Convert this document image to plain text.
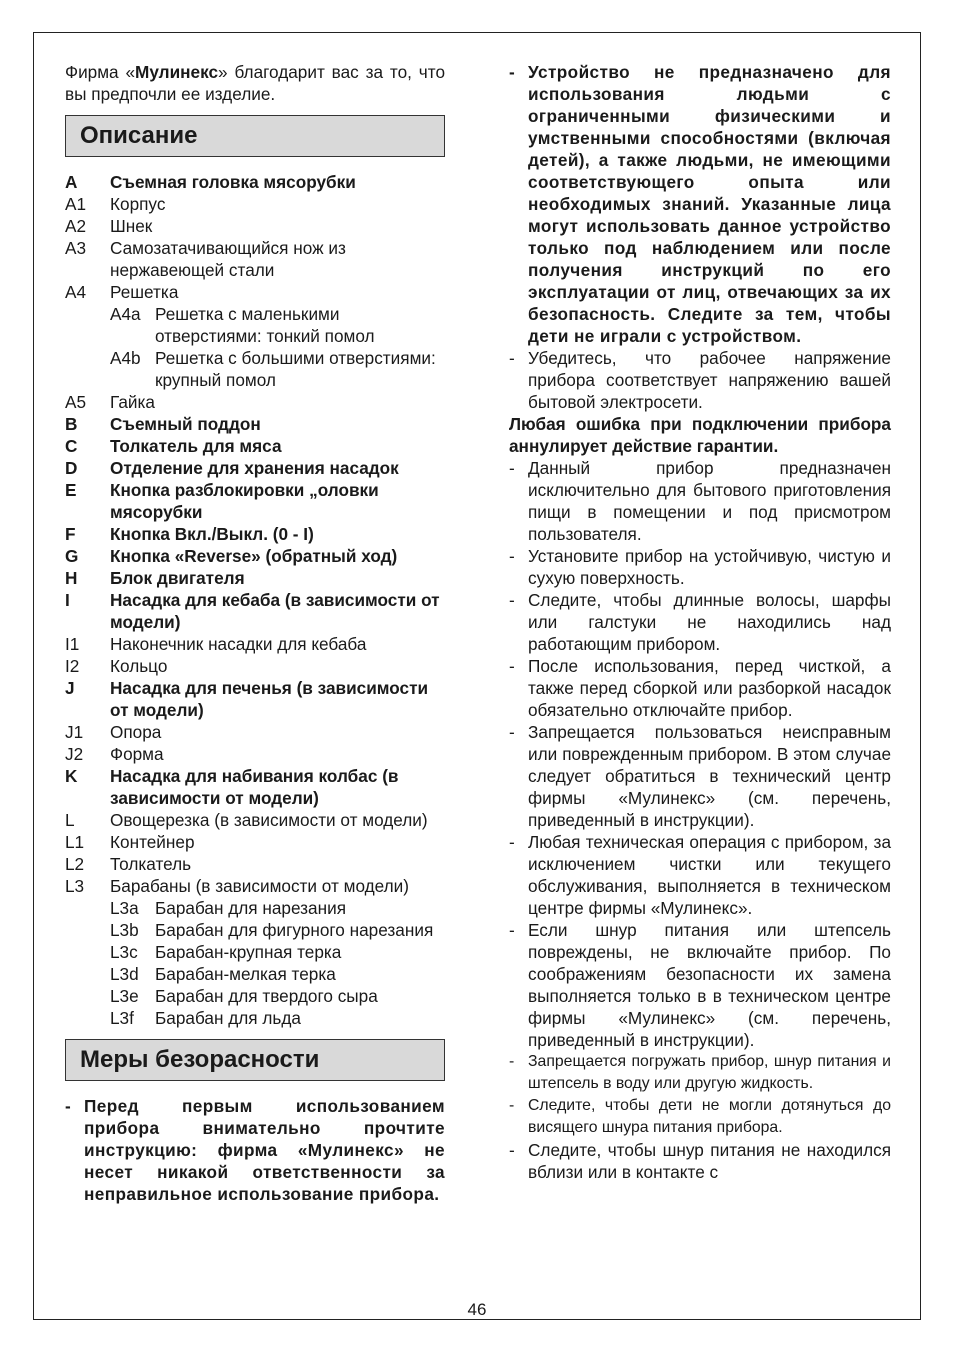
Фирма «Мулинекс» благодарит вас за то, что вы предпочли ее изделие.
Описание
A	Съемная головка мясорубки
A1	Корпус
A2	Шнек
A3	Самозатачивающийся нож из нержавеющей стали
A4	Решетка
A4a Решетка с маленькими отверстиями: тонкий помол
A4b Решетка с большими отверстиями: крупный помол
A5	Гайка
B	Съемный поддон
C	Толкатель для мяса
D	Отделение для хранения насадок
E	Кнопка разблокировки „оловки мясорубки
F	Кнопка Вкл./Выкл. (0 - I)
G	Кнопка «Reverse» (обратный ход)
H	Блок двигателя
I	Насадка для кебаба (в зависимости от модели)
I1	Наконечник насадки для кебаба
I2	Кольцо
J	Насадка для печенья (в зависимости от модели)
J1	Опора
J2	Форма
K	Насадка для набивания колбас (в зависимости от модели)
L	Овощерезка (в зависимости от модели)
L1	Контейнер
L2	Толкатель
L3	Барабаны (в зависимости от модели)
L3a Барабан для нарезания
L3b Барабан для фигурного нарезания
L3c	Барабан-крупная терка
L3d Барабан-мелкая терка
L3e Барабан для твердого сыра
L3f	Барабан для льда
Меры безорасности
- Перед первым использованием прибора внимательно прочтите инструкцию: фирма «Мулинекс» не несет никакой ответственности за неправильное использование прибора.
- Устройство не предназначено для использования людьми с ограниченными физическими и умственными способностями (включая детей), а также людьми, не имеющими соответствующего опыта или необходимых знаний. Указанные лица могут использовать данное устройство только под наблюдением или после получения инструкций по его эксплуатации от лиц, отвечающих за их безопасность. Следите за тем, чтобы дети не играли с устройством.
- Убедитесь, что рабочее напряжение прибора соответствует напряжению вашей бытовой электросети.
Любая ошибка при подключении прибора аннулирует действие гарантии.
- Данный прибор предназначен исключительно для бытового приготовления пищи в помещении и под присмотром пользователя.
- Установите прибор на устойчивую, чистую и сухую поверхность.
- Следите, чтобы длинные волосы, шарфы или галстуки не находились над работающим прибором.
- После использования, перед чисткой, а также перед сборкой или разборкой насадок обязательно отключайте прибор.
- Запрещается пользоваться неисправным или поврежденным прибором. В этом случае следует обратиться в технический центр фирмы «Мулинекс» (см. перечень, приведенный в инструкции).
- Любая техническая операция с прибором, за исключением чистки или текущего обслуживания, выполняется в техническом центре фирмы «Мулинекс».
- Если шнур питания или штепсель повреждены, не включайте прибор. По соображениям безопасности их замена выполняется только в в техническом центре фирмы «Мулинекс» (см. перечень, приведенный в инструкции).
- Запрещается погружать прибор, шнур питания и штепсель в воду или другую жидкость.
- Следите, чтобы дети не могли дотянуться до висящего шнура питания прибора.
- Следите, чтобы шнур питания не находился вблизи или в контакте с
46
